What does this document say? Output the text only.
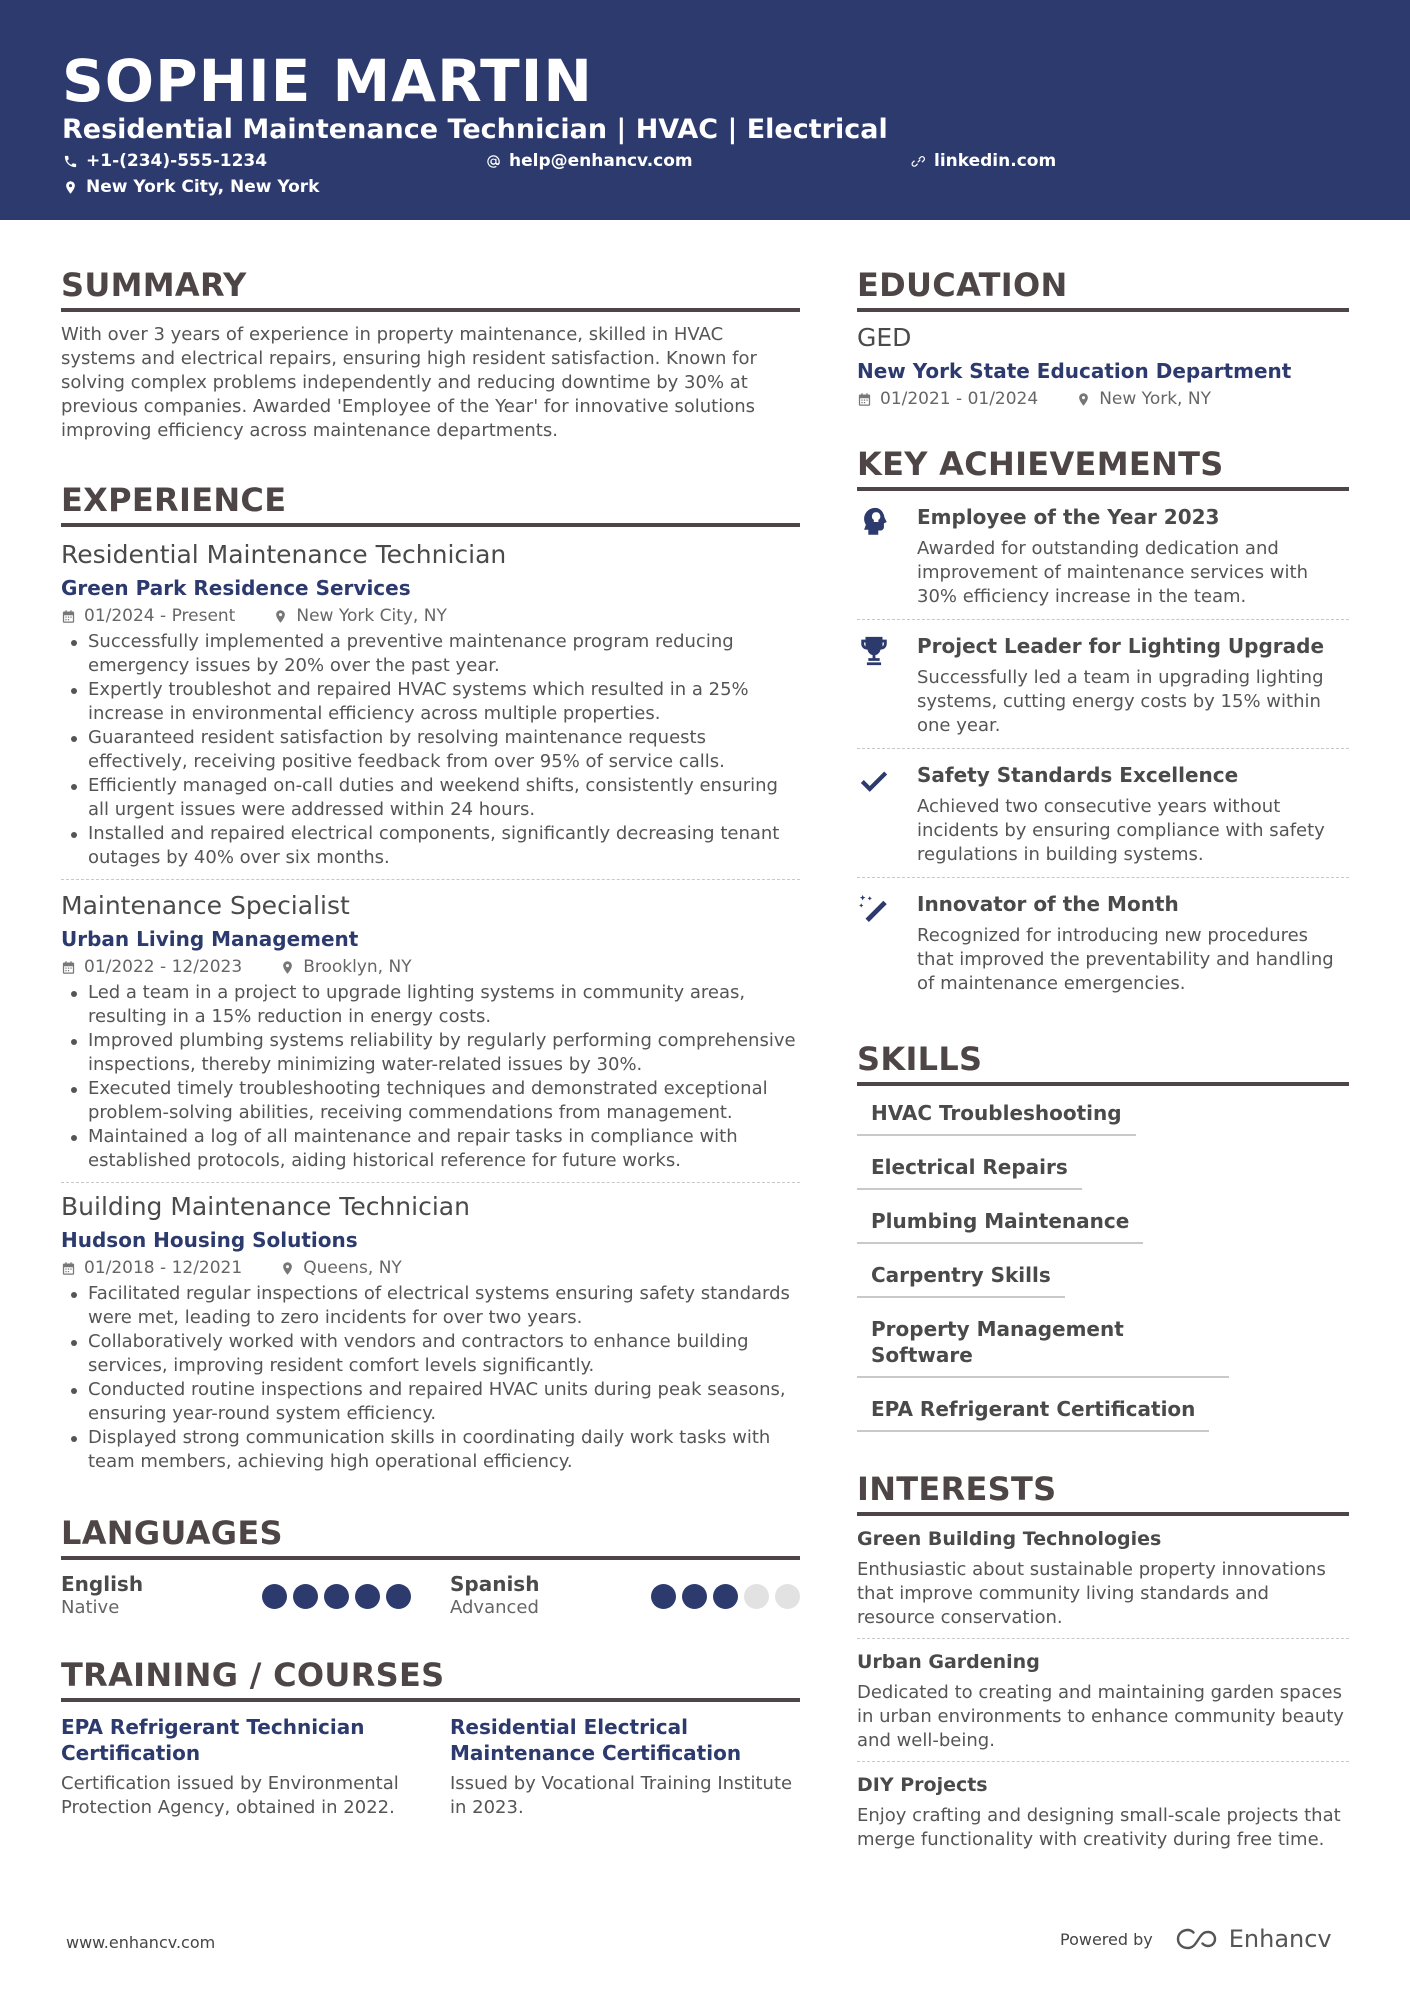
SOPHIE MARTIN
Residential Maintenance Technician | HVAC | Electrical
+1-(234)-555-1234	help@enhancv.com	linkedin.com
New York City, New York
SUMMARY
With over 3 years of experience in property maintenance, skilled in HVAC systems and electrical repairs, ensuring high resident satisfaction. Known for solving complex problems independently and reducing downtime by 30% at previous companies. Awarded 'Employee of the Year' for innovative solutions improving efficiency across maintenance departments.
EXPERIENCE
Residential Maintenance Technician
Green Park Residence Services
01/2024 - Present	New York City, NY
Successfully implemented a preventive maintenance program reducing emergency issues by 20% over the past year.
Expertly troubleshot and repaired HVAC systems which resulted in a 25% increase in environmental efficiency across multiple properties.
Guaranteed resident satisfaction by resolving maintenance requests effectively, receiving positive feedback from over 95% of service calls.
Efficiently managed on-call duties and weekend shifts, consistently ensuring all urgent issues were addressed within 24 hours.
Installed and repaired electrical components, significantly decreasing tenant outages by 40% over six months.
Maintenance Specialist
Urban Living Management
01/2022 - 12/2023	Brooklyn, NY
Led a team in a project to upgrade lighting systems in community areas, resulting in a 15% reduction in energy costs.
Improved plumbing systems reliability by regularly performing comprehensive inspections, thereby minimizing water-related issues by 30%.
Executed timely troubleshooting techniques and demonstrated exceptional problem-solving abilities, receiving commendations from management.
Maintained a log of all maintenance and repair tasks in compliance with established protocols, aiding historical reference for future works.
Building Maintenance Technician
Hudson Housing Solutions
01/2018 - 12/2021	Queens, NY
Facilitated regular inspections of electrical systems ensuring safety standards were met, leading to zero incidents for over two years.
Collaboratively worked with vendors and contractors to enhance building services, improving resident comfort levels significantly.
Conducted routine inspections and repaired HVAC units during peak seasons, ensuring year-round system efficiency.
Displayed strong communication skills in coordinating daily work tasks with team members, achieving high operational efficiency.
LANGUAGES
English
Native
Spanish
Advanced
TRAINING / COURSES
EPA Refrigerant Technician Certification
Certification issued by Environmental Protection Agency, obtained in 2022.
Residential Electrical Maintenance Certification
Issued by Vocational Training Institute in 2023.
EDUCATION
GED
New York State Education Department
01/2021 - 01/2024	New York, NY
KEY ACHIEVEMENTS
Employee of the Year 2023
Awarded for outstanding dedication and improvement of maintenance services with 30% efficiency increase in the team.
Project Leader for Lighting Upgrade
Successfully led a team in upgrading lighting systems, cutting energy costs by 15% within one year.
Safety Standards Excellence
Achieved two consecutive years without incidents by ensuring compliance with safety regulations in building systems.
Innovator of the Month
Recognized for introducing new procedures that improved the preventability and handling of maintenance emergencies.
SKILLS
HVAC Troubleshooting
Electrical Repairs
Plumbing Maintenance
Carpentry Skills
Property Management Software
EPA Refrigerant Certification
INTERESTS
Green Building Technologies
Enthusiastic about sustainable property innovations that improve community living standards and resource conservation.
Urban Gardening
Dedicated to creating and maintaining garden spaces in urban environments to enhance community beauty and well-being.
DIY Projects
Enjoy crafting and designing small-scale projects that merge functionality with creativity during free time.
www.enhancv.com	Powered by	Enhancv
